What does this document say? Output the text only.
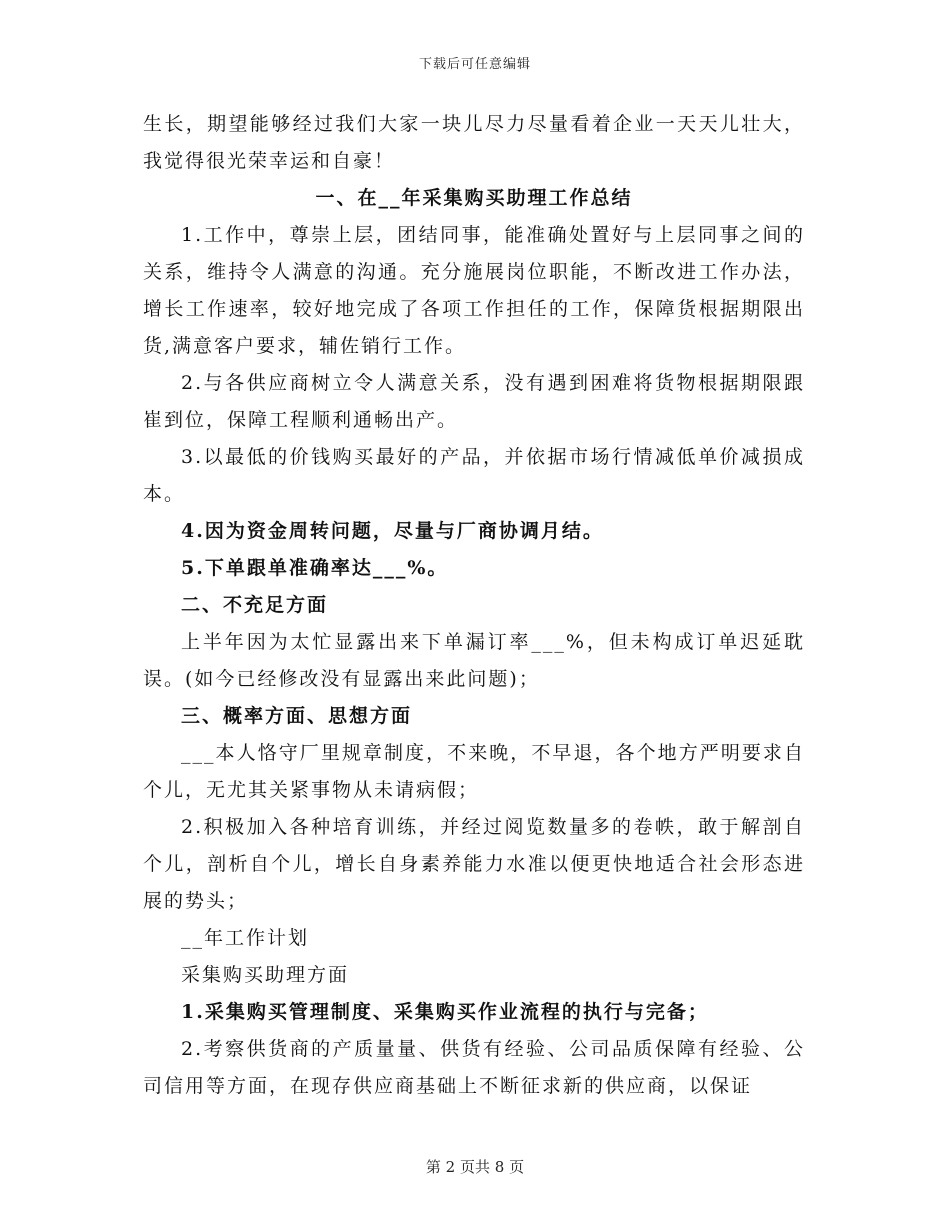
下载后可任意编辑

生长，期望能够经过我们大家一块儿尽力尽量看着企业一天天儿壮大，我觉得很光荣幸运和自豪！

一、在__年采集购买助理工作总结

1.工作中，尊崇上层，团结同事，能准确处置好与上层同事之间的关系，维持令人满意的沟通。充分施展岗位职能，不断改进工作办法，增长工作速率，较好地完成了各项工作担任的工作，保障货根据期限出货,满意客户要求，辅佐销行工作。

2.与各供应商树立令人满意关系，没有遇到困难将货物根据期限跟崔到位，保障工程顺利通畅出产。

3.以最低的价钱购买最好的产品，并依据市场行情减低单价减损成本。

4.因为资金周转问题，尽量与厂商协调月结。

5.下单跟单准确率达___%。

二、不充足方面

上半年因为太忙显露出来下单漏订率___%，但未构成订单迟延耽误。(如今已经修改没有显露出来此问题)；

三、概率方面、思想方面

___本人恪守厂里规章制度，不来晚，不早退，各个地方严明要求自个儿，无尤其关紧事物从未请病假；

2.积极加入各种培育训练，并经过阅览数量多的卷帙，敢于解剖自个儿，剖析自个儿，增长自身素养能力水准以便更快地适合社会形态进展的势头；

__年工作计划

采集购买助理方面

1.采集购买管理制度、采集购买作业流程的执行与完备；

2.考察供货商的产质量量、供货有经验、公司品质保障有经验、公司信用等方面，在现存供应商基础上不断征求新的供应商，以保证

第 2 页共 8 页
